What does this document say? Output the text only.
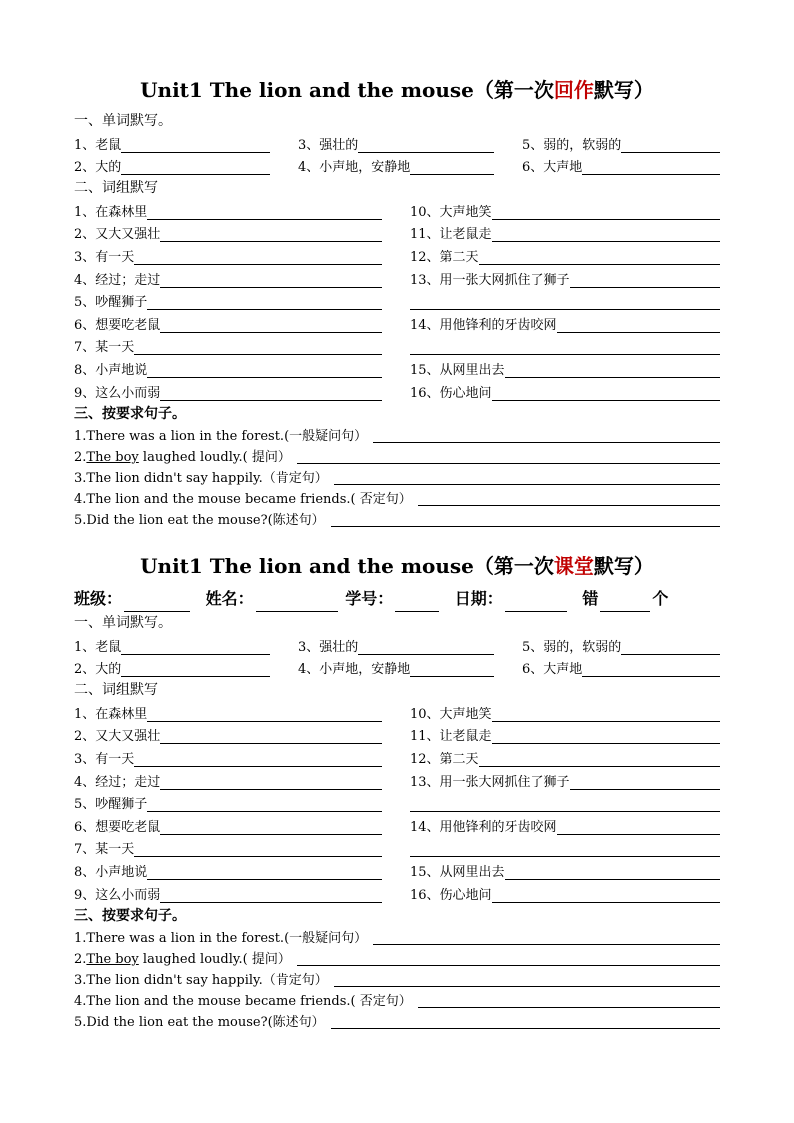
Unit1 The lion and the mouse（第一次回作默写）
一、单词默写。
1、老鼠	3、强壮的	5、弱的，软弱的
2、大的	4、小声地，安静地	6、大声地
二、词组默写
1、在森林里	10、大声地笑
2、又大又强壮	11、让老鼠走
3、有一天	12、第二天
4、经过；走过	13、用一张大网抓住了狮子
5、吵醒狮子
6、想要吃老鼠	14、用他锋利的牙齿咬网
7、某一天
8、小声地说	15、从网里出去
9、这么小而弱	16、伤心地问
三、按要求句子。
1.There was a lion in the forest.(一般疑问句）
2.The boy laughed loudly.( 提问）
3.The lion didn't say happily.（肯定句）
4.The lion and the mouse became friends.( 否定句）
5.Did the lion eat the mouse?(陈述句）
Unit1 The lion and the mouse（第一次课堂默写）
班级：	姓名：	学号：	日期：	错	个
一、单词默写。
1、老鼠	3、强壮的	5、弱的，软弱的
2、大的	4、小声地，安静地	6、大声地
二、词组默写
1、在森林里	10、大声地笑
2、又大又强壮	11、让老鼠走
3、有一天	12、第二天
4、经过；走过	13、用一张大网抓住了狮子
5、吵醒狮子
6、想要吃老鼠	14、用他锋利的牙齿咬网
7、某一天
8、小声地说	15、从网里出去
9、这么小而弱	16、伤心地问
三、按要求句子。
1.There was a lion in the forest.(一般疑问句）
2.The boy laughed loudly.( 提问）
3.The lion didn't say happily.（肯定句）
4.The lion and the mouse became friends.( 否定句）
5.Did the lion eat the mouse?(陈述句）
